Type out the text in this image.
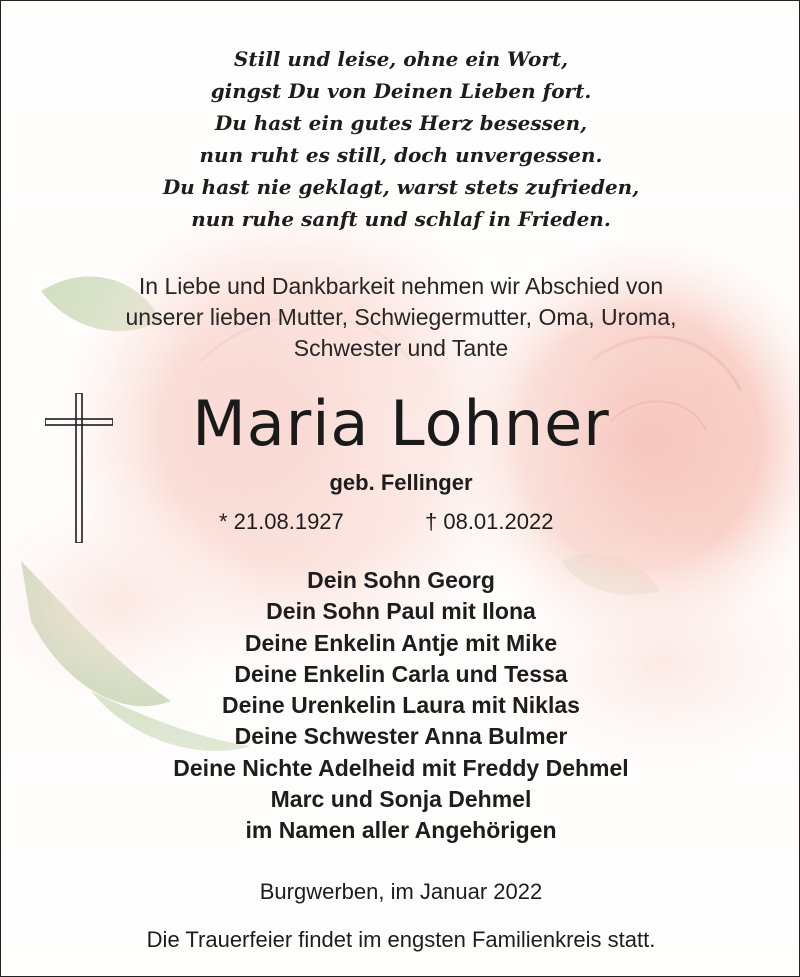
Still und leise, ohne ein Wort,
gingst Du von Deinen Lieben fort.
Du hast ein gutes Herz besessen,
nun ruht es still, doch unvergessen.
Du hast nie geklagt, warst stets zufrieden,
nun ruhe sanft und schlaf in Frieden.
In Liebe und Dankbarkeit nehmen wir Abschied von
unserer lieben Mutter, Schwiegermutter, Oma, Uroma,
Schwester und Tante
Maria Lohner
geb. Fellinger
* 21.08.1927	† 08.01.2022
Dein Sohn Georg
Dein Sohn Paul mit Ilona
Deine Enkelin Antje mit Mike
Deine Enkelin Carla und Tessa
Deine Urenkelin Laura mit Niklas
Deine Schwester Anna Bulmer
Deine Nichte Adelheid mit Freddy Dehmel
Marc und Sonja Dehmel
im Namen aller Angehörigen
Burgwerben, im Januar 2022
Die Trauerfeier findet im engsten Familienkreis statt.
